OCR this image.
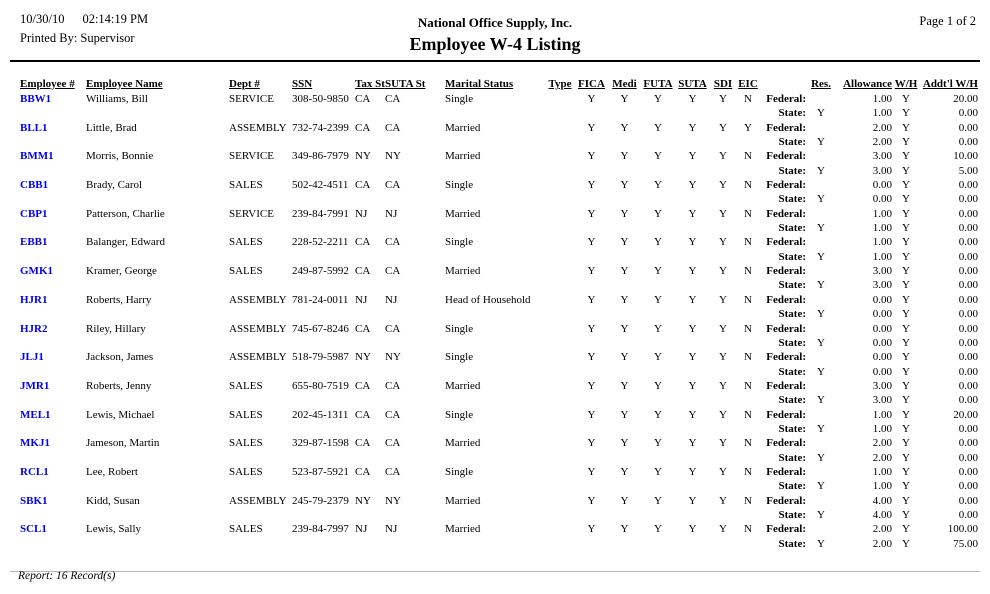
10/30/10 02:14:19 PM
Printed By: Supervisor
National Office Supply, Inc.
Employee W-4 Listing
Page 1 of 2
Employee #	Employee Name	Dept #	SSN	Tax St	SUTA St	Marital Status	Type	FICA	Medi	FUTA	SUTA	SDI	EIC		Res.	Allowance	W/H	Addt'l W/H
BBW1	Williams, Bill	SERVICE	308-50-9850	CA	CA	Single		Y	Y	Y	Y	Y	N	Federal:		1.00	Y	20.00
														State:	Y	1.00	Y	0.00
BLL1	Little, Brad	ASSEMBLY	732-74-2399	CA	CA	Married		Y	Y	Y	Y	Y	Y	Federal:		2.00	Y	0.00
														State:	Y	2.00	Y	0.00
BMM1	Morris, Bonnie	SERVICE	349-86-7979	NY	NY	Married		Y	Y	Y	Y	Y	N	Federal:		3.00	Y	10.00
														State:	Y	3.00	Y	5.00
CBB1	Brady, Carol	SALES	502-42-4511	CA	CA	Single		Y	Y	Y	Y	Y	N	Federal:		0.00	Y	0.00
														State:	Y	0.00	Y	0.00
CBP1	Patterson, Charlie	SERVICE	239-84-7991	NJ	NJ	Married		Y	Y	Y	Y	Y	N	Federal:		1.00	Y	0.00
														State:	Y	1.00	Y	0.00
EBB1	Balanger, Edward	SALES	228-52-2211	CA	CA	Single		Y	Y	Y	Y	Y	N	Federal:		1.00	Y	0.00
														State:	Y	1.00	Y	0.00
GMK1	Kramer, George	SALES	249-87-5992	CA	CA	Married		Y	Y	Y	Y	Y	N	Federal:		3.00	Y	0.00
														State:	Y	3.00	Y	0.00
HJR1	Roberts, Harry	ASSEMBLY	781-24-0011	NJ	NJ	Head of Household		Y	Y	Y	Y	Y	N	Federal:		0.00	Y	0.00
														State:	Y	0.00	Y	0.00
HJR2	Riley, Hillary	ASSEMBLY	745-67-8246	CA	CA	Single		Y	Y	Y	Y	Y	N	Federal:		0.00	Y	0.00
														State:	Y	0.00	Y	0.00
JLJ1	Jackson, James	ASSEMBLY	518-79-5987	NY	NY	Single		Y	Y	Y	Y	Y	N	Federal:		0.00	Y	0.00
														State:	Y	0.00	Y	0.00
JMR1	Roberts, Jenny	SALES	655-80-7519	CA	CA	Married		Y	Y	Y	Y	Y	N	Federal:		3.00	Y	0.00
														State:	Y	3.00	Y	0.00
MEL1	Lewis, Michael	SALES	202-45-1311	CA	CA	Single		Y	Y	Y	Y	Y	N	Federal:		1.00	Y	20.00
														State:	Y	1.00	Y	0.00
MKJ1	Jameson, Martin	SALES	329-87-1598	CA	CA	Married		Y	Y	Y	Y	Y	N	Federal:		2.00	Y	0.00
														State:	Y	2.00	Y	0.00
RCL1	Lee, Robert	SALES	523-87-5921	CA	CA	Single		Y	Y	Y	Y	Y	N	Federal:		1.00	Y	0.00
														State:	Y	1.00	Y	0.00
SBK1	Kidd, Susan	ASSEMBLY	245-79-2379	NY	NY	Married		Y	Y	Y	Y	Y	N	Federal:		4.00	Y	0.00
														State:	Y	4.00	Y	0.00
SCL1	Lewis, Sally	SALES	239-84-7997	NJ	NJ	Married		Y	Y	Y	Y	Y	N	Federal:		2.00	Y	100.00
														State:	Y	2.00	Y	75.00
Report: 16 Record(s)
